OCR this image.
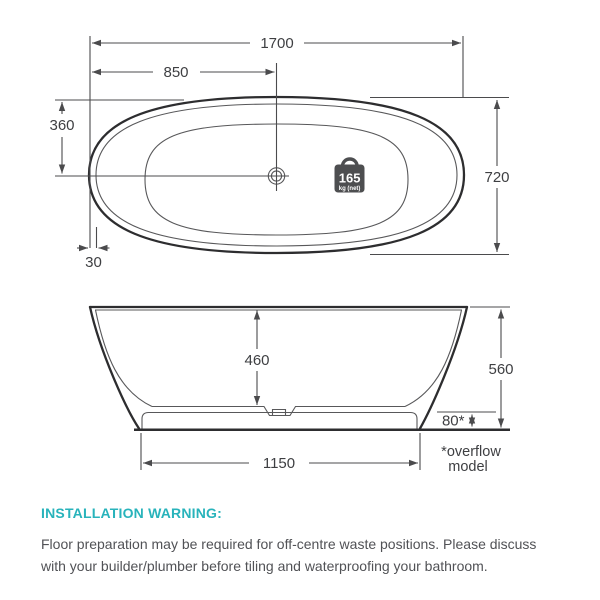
1700
850
360
30
720
165
kg (net)
460
560
80*
1150
*overflow
model
INSTALLATION WARNING:
Floor preparation may be required for off-centre waste positions. Please discuss with your builder/plumber before tiling and waterproofing your bathroom.
